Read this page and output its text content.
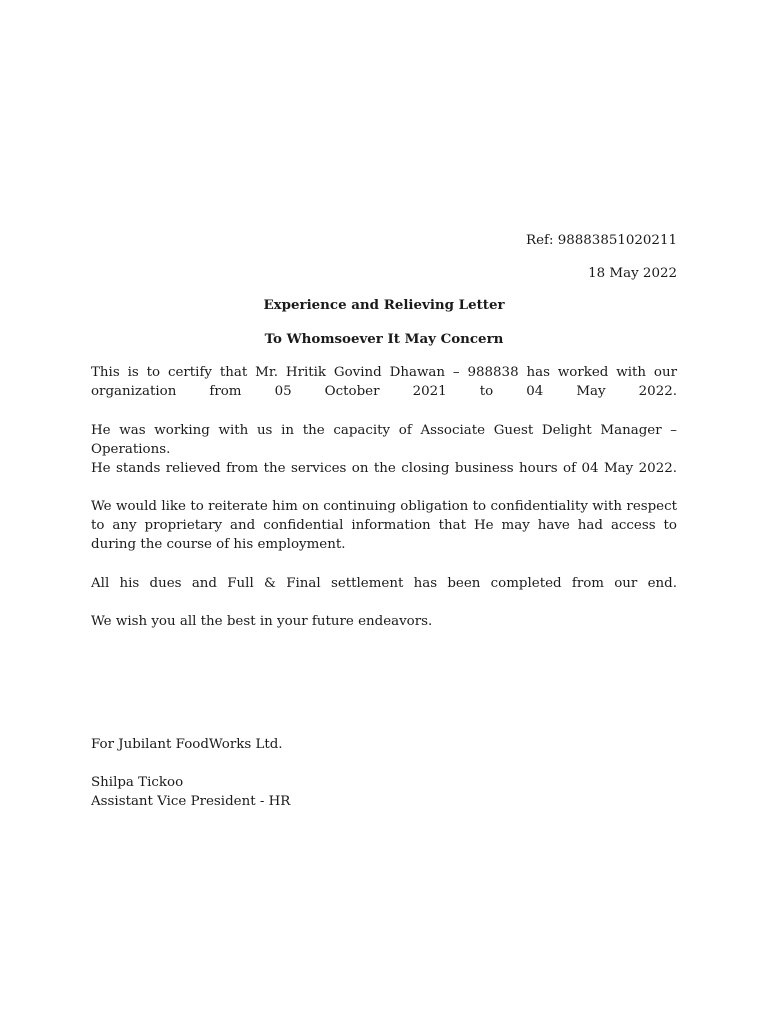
Ref: 98883851020211
18 May 2022
Experience and Relieving Letter
To Whomsoever It May Concern
This is to certify that Mr. Hritik Govind Dhawan – 988838 has worked with our organization from 05 October 2021 to 04 May 2022.
He was working with us in the capacity of Associate Guest Delight Manager – Operations.
He stands relieved from the services on the closing business hours of 04 May 2022.
We would like to reiterate him on continuing obligation to confidentiality with respect to any proprietary and confidential information that He may have had access to during the course of his employment.
All his dues and Full & Final settlement has been completed from our end.
We wish you all the best in your future endeavors.
For Jubilant FoodWorks Ltd.
Shilpa Tickoo
Assistant Vice President - HR
